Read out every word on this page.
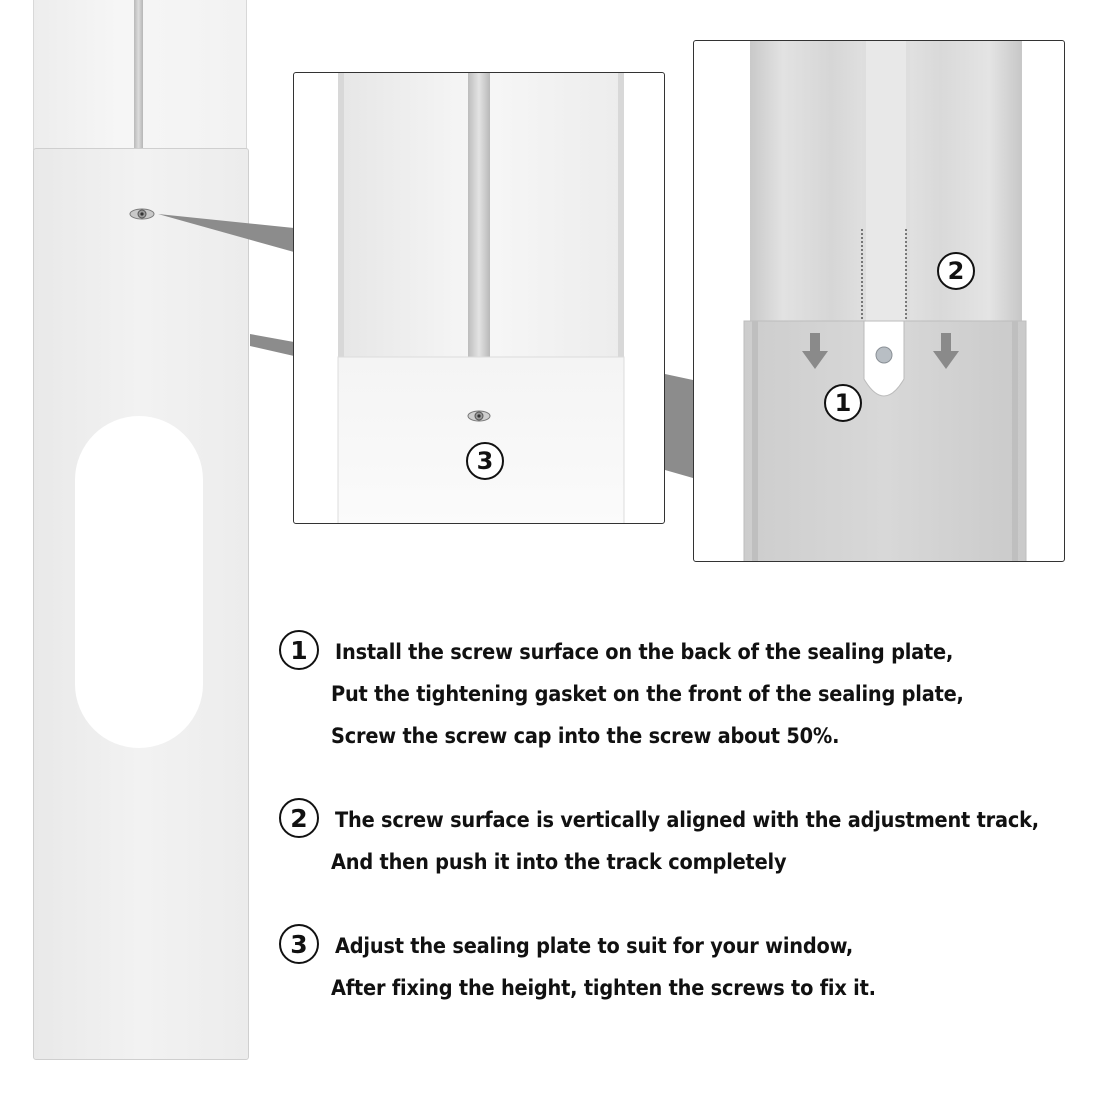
3
2
1
1	Install the screw surface on the back of the sealing plate,
Put the tightening gasket on the front of the sealing plate,
Screw the screw cap into the screw about 50%.
2	The screw surface is vertically aligned with the adjustment track,
And then push it into the track completely
3	Adjust the sealing plate to suit for your window,
After fixing the height, tighten the screws to fix it.
